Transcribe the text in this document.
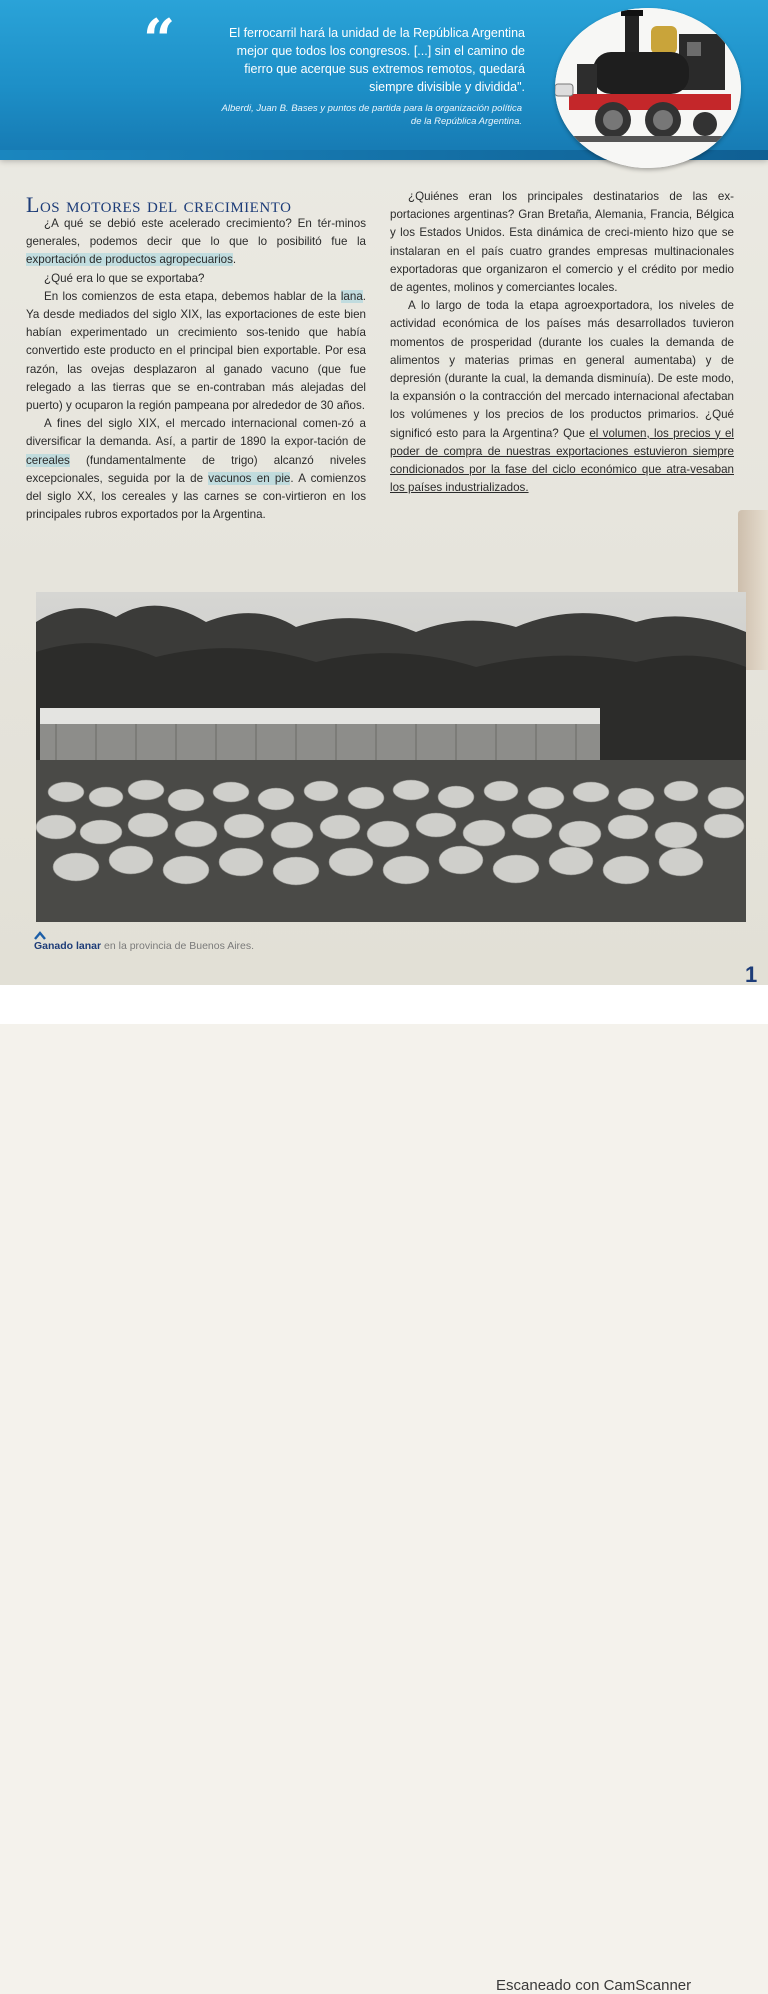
“	El ferrocarril hará la unidad de la República Argentina
mejor que todos los congresos. [...] sin el camino de
fierro que acerque sus extremos remotos, quedará
siempre divisible y dividida".
Alberdi, Juan B. Bases y puntos de partida para la organización política
de la República Argentina.
Los motores del crecimiento

¿A qué se debió este acelerado crecimiento? En tér-minos generales, podemos decir que lo que lo posibilitó fue la exportación de productos agropecuarios.

¿Qué era lo que se exportaba?

En los comienzos de esta etapa, debemos hablar de la lana. Ya desde mediados del siglo XIX, las exportaciones de este bien habían experimentado un crecimiento sos-tenido que había convertido este producto en el principal bien exportable. Por esa razón, las ovejas desplazaron al ganado vacuno (que fue relegado a las tierras que se en-contraban más alejadas del puerto) y ocuparon la región pampeana por alrededor de 30 años.

A fines del siglo XIX, el mercado internacional comen-zó a diversificar la demanda. Así, a partir de 1890 la expor-tación de cereales (fundamentalmente de trigo) alcanzó niveles excepcionales, seguida por la de vacunos en pie. A comienzos del siglo XX, los cereales y las carnes se con-virtieron en los principales rubros exportados por la Argentina.

¿Quiénes eran los principales destinatarios de las ex-portaciones argentinas? Gran Bretaña, Alemania, Francia, Bélgica y los Estados Unidos. Esta dinámica de creci-miento hizo que se instalaran en el país cuatro grandes empresas multinacionales exportadoras que organizaron el comercio y el crédito por medio de agentes, molinos y comerciantes locales.

A lo largo de toda la etapa agroexportadora, los niveles de actividad económica de los países más desarrollados tuvieron momentos de prosperidad (durante los cuales la demanda de alimentos y materias primas en general aumentaba) y de depresión (durante la cual, la demanda disminuía). De este modo, la expansión o la contracción del mercado internacional afectaban los volúmenes y los precios de los productos primarios. ¿Qué significó esto para la Argentina? Que el volumen, los precios y el poder de compra de nuestras exportaciones estuvieron siempre condicionados por la fase del ciclo económico que atra-vesaban los países industrializados.

Ganado lanar en la provincia de Buenos Aires.
1
Escaneado con CamScanner
